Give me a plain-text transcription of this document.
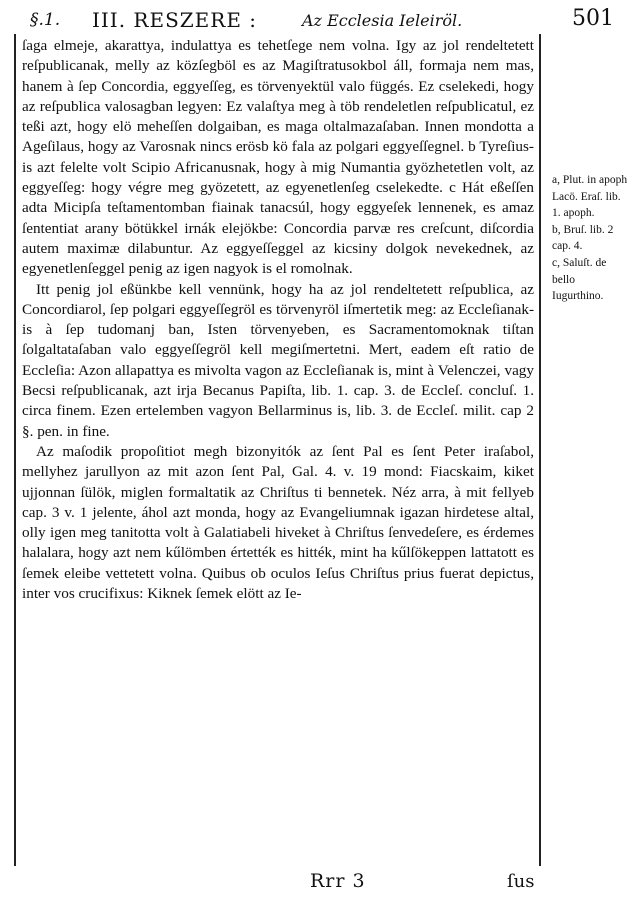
§.1. III. RESZERE :	Az Ecclesia Ieleiröl.	501

ſaga elmeje, akarattya, indulattya es tehetſege nem volna. Igy az jol rendeltetett reſpublicanak, melly az közſegböl es az Magiſtratusokbol áll, formaja nem mas, hanem à ſep Concordia, eggyeſſeg, es törvenyektül valo függés. Ez cselekedi, hogy az reſpublica valosagban legyen: Ez valaſtya meg à töb rendeletlen reſpublicatul, ez teßi azt, hogy elö meheſſen dolgaiban, es maga oltalmazaſaban. Innen mondotta a Ageſilaus, hogy az Varosnak nincs erösb kö fala az polgari eggyeſſegnel. b Tyreſius-is azt felelte volt Scipio Africanusnak, hogy à mig Numantia gyözhetetlen volt, az eggyeſſeg: hogy végre meg gyözetett, az egyenetlenſeg cselekedte. c Hát eßeſſen adta Micipſa teſtamentomban fiainak tanacsúl, hogy eggyeſek lennenek, es amaz ſententiat arany bötükkel irnák elejökbe: Concordia parvæ res creſcunt, diſcordia autem maximæ dilabuntur. Az eggyeſſeggel az kicsiny dolgok nevekednek, az egyenetlenſeggel penig az igen nagyok is el romolnak.

Itt penig jol eßünkbe kell vennünk, hogy ha az jol rendeltetett reſpublica, az Concordiarol, ſep polgari eggyeſſegröl es törvenyröl iſmertetik meg: az Eccleſianak-is à ſep tudomanj ban, Isten törvenyeben, es Sacramentomoknak tiſtan ſolgaltataſaban valo eggyeſſegröl kell megiſmertetni. Mert, eadem eſt ratio de Eccleſia: Azon allapattya es mivolta vagon az Eccleſianak is, mint à Velenczei, vagy Becsi reſpublicanak, azt irja Becanus Papiſta, lib. 1. cap. 3. de Eccleſ. concluſ. 1. circa finem. Ezen ertelemben vagyon Bellarminus is, lib. 3. de Eccleſ. milit. cap 2 §. pen. in fine.

Az maſodik propoſitiot megh bizonyitók az ſent Pal es ſent Peter iraſabol, mellyhez jarullyon az mit azon ſent Pal, Gal. 4. v. 19 mond: Fiacskaim, kiket ujjonnan ſülök, miglen formaltatik az Chriſtus ti bennetek. Néz arra, à mit fellyeb cap. 3 v. 1 jelente, áhol azt monda, hogy az Evangeliumnak igazan hirdetese altal, olly igen meg tanitotta volt à Galatiabeli hiveket à Chriſtus ſenvedeſere, es érdemes halalara, hogy azt nem kűlömben értették es hitték, mint ha kűlſökeppen lattatott es ſemek eleibe vettetett volna. Quibus ob oculos Ieſus Chriſtus prius fuerat depictus, inter vos crucifixus: Kiknek ſemek elött az Ie-

a, Plut. in apoph Lacö. Eraſ. lib. 1. apoph.
b, Bruſ. lib. 2 cap. 4.
c, Saluſt. de bello Iugurthino.
Rrr 3	ſus
